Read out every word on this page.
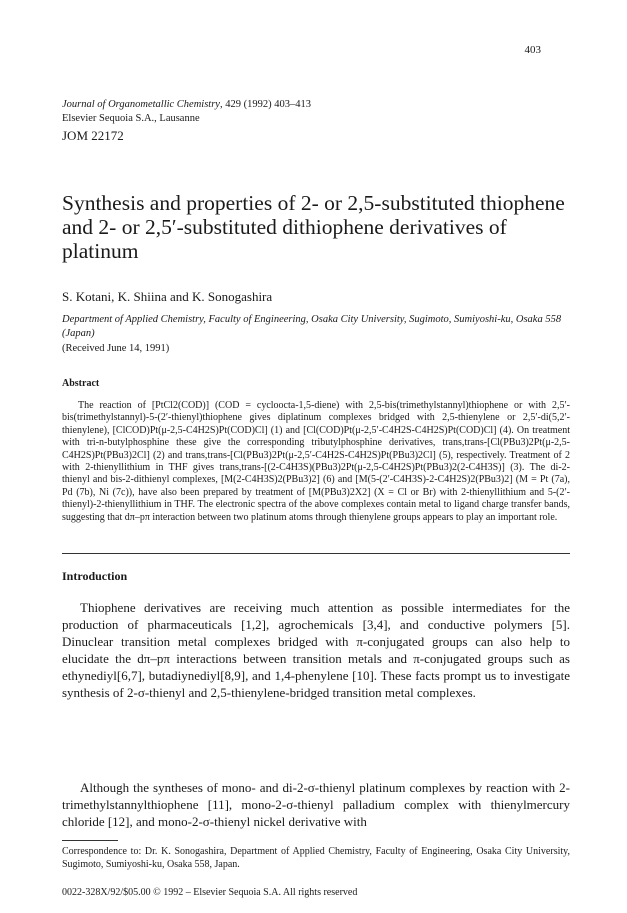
403
Journal of Organometallic Chemistry, 429 (1992) 403–413
Elsevier Sequoia S.A., Lausanne
JOM 22172
Synthesis and properties of 2- or 2,5-substituted thiophene and 2- or 2,5′-substituted dithiophene derivatives of platinum
S. Kotani, K. Shiina and K. Sonogashira
Department of Applied Chemistry, Faculty of Engineering, Osaka City University, Sugimoto, Sumiyoshi-ku, Osaka 558 (Japan)
(Received June 14, 1991)
Abstract

The reaction of [PtCl2(COD)] (COD = cycloocta-1,5-diene) with 2,5-bis(trimethylstannyl)thiophene or with 2,5′-bis(trimethylstannyl)-5-(2′-thienyl)thiophene gives diplatinum complexes bridged with 2,5-thienylene or 2,5′-di(5,2′-thienylene), [ClCOD)Pt(μ-2,5-C4H2S)Pt(COD)Cl] (1) and [Cl(COD)Pt(μ-2,5′-C4H2S-C4H2S)Pt(COD)Cl] (4). On treatment with tri-n-butylphosphine these give the corresponding tributylphosphine derivatives, trans,trans-[Cl(PBu3)2Pt(μ-2,5-C4H2S)Pt(PBu3)2Cl] (2) and trans,trans-[Cl(PBu3)2Pt(μ-2,5′-C4H2S-C4H2S)Pt(PBu3)2Cl] (5), respectively. Treatment of 2 with 2-thienyllithium in THF gives trans,trans-[(2-C4H3S)(PBu3)2Pt(μ-2,5-C4H2S)Pt(PBu3)2(2-C4H3S)] (3). The di-2-thienyl and bis-2-dithienyl complexes, [M(2-C4H3S)2(PBu3)2] (6) and [M(5-(2′-C4H3S)-2-C4H2S)2(PBu3)2] (M = Pt (7a), Pd (7b), Ni (7c)), have also been prepared by treatment of [M(PBu3)2X2] (X = Cl or Br) with 2-thienyllithium and 5-(2′-thienyl)-2-thienyllithium in THF. The electronic spectra of the above complexes contain metal to ligand charge transfer bands, suggesting that dπ–pπ interaction between two platinum atoms through thienylene groups appears to play an important role.

Introduction

Thiophene derivatives are receiving much attention as possible intermediates for the production of pharmaceuticals [1,2], agrochemicals [3,4], and conductive polymers [5]. Dinuclear transition metal complexes bridged with π-conjugated groups can also help to elucidate the dπ–pπ interactions between transition metals and π-conjugated groups such as ethynediyl[6,7], butadiynediyl[8,9], and 1,4-phenylene [10]. These facts prompt us to investigate synthesis of 2-σ-thienyl and 2,5-thienylene-bridged transition metal complexes.

Although the syntheses of mono- and di-2-σ-thienyl platinum complexes by reaction with 2-trimethylstannylthiophene [11], mono-2-σ-thienyl palladium complex with thienylmercury chloride [12], and mono-2-σ-thienyl nickel derivative with

Correspondence to: Dr. K. Sonogashira, Department of Applied Chemistry, Faculty of Engineering, Osaka City University, Sugimoto, Sumiyoshi-ku, Osaka 558, Japan.
0022-328X/92/$05.00 © 1992 – Elsevier Sequoia S.A. All rights reserved
